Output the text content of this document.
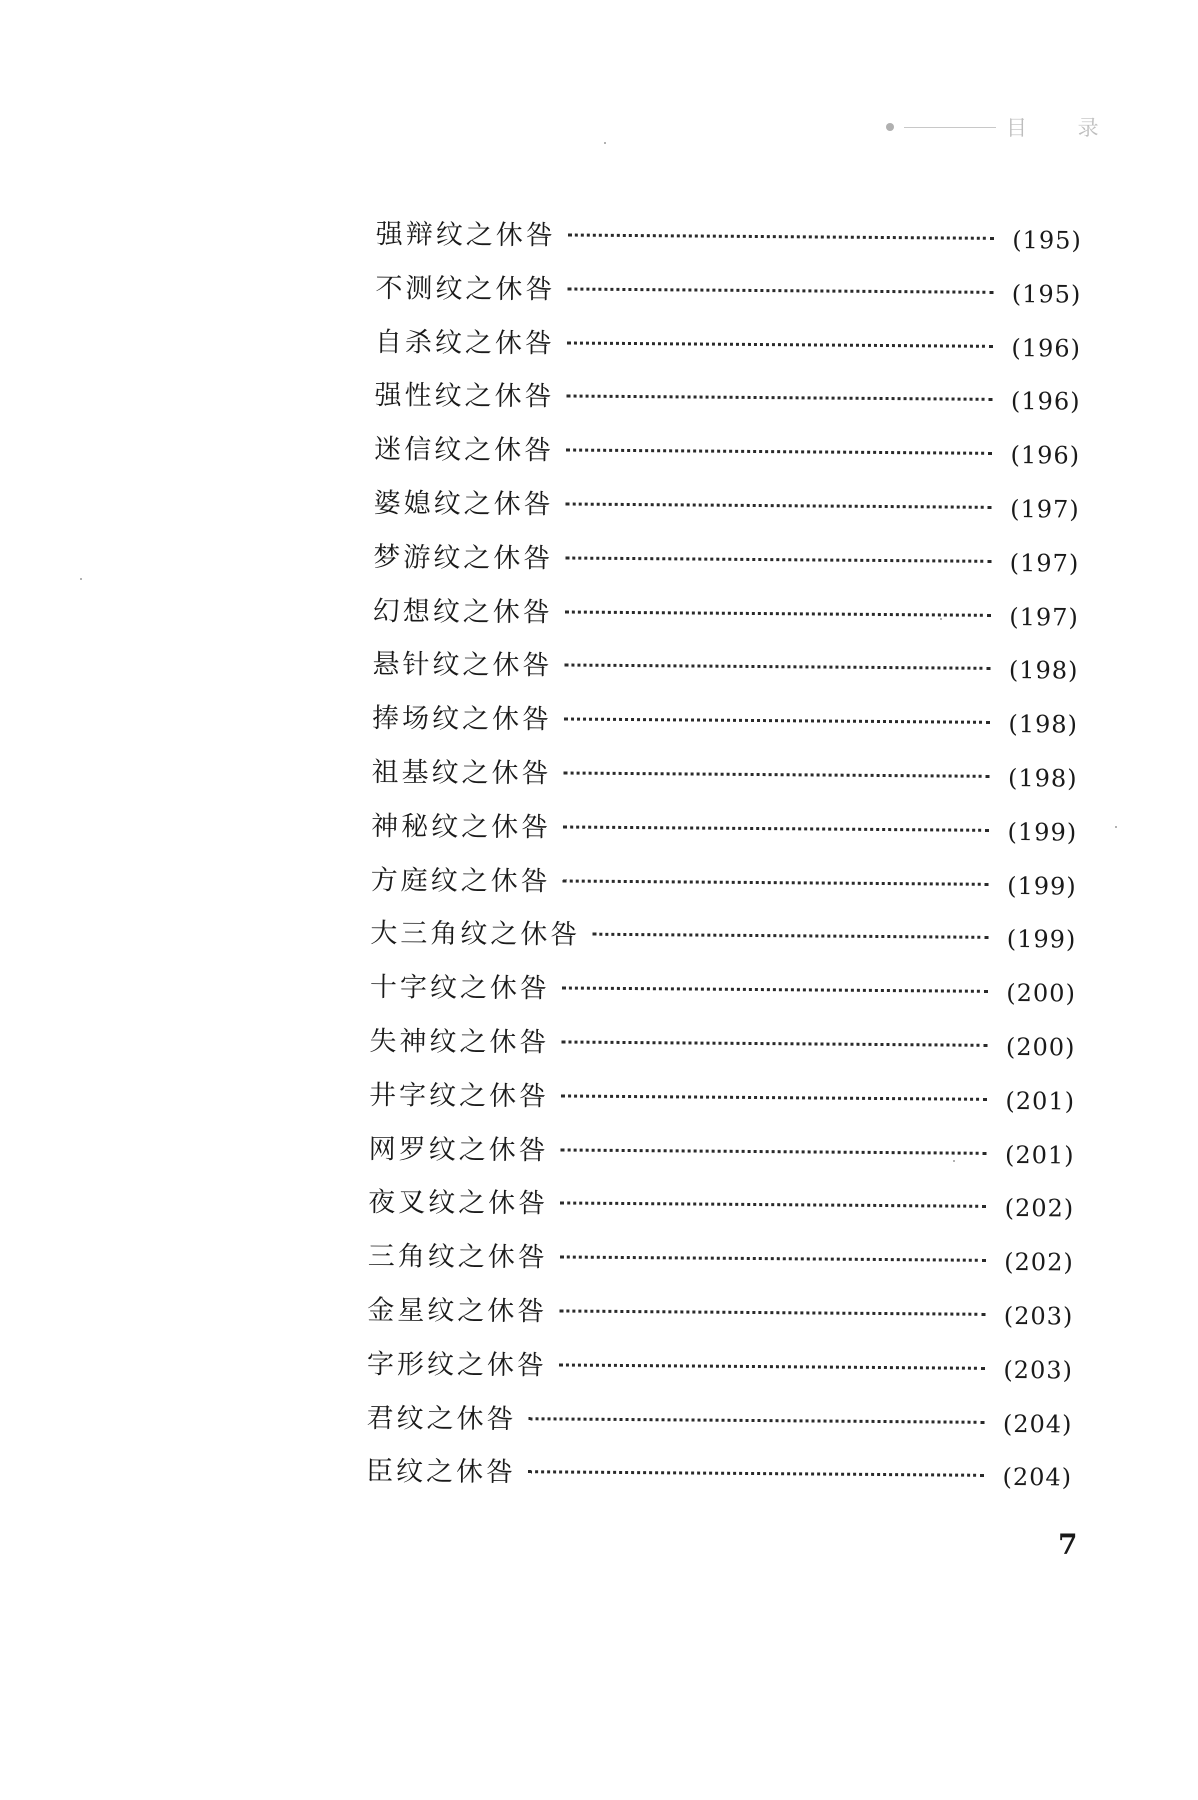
目 录
强辩纹之休咎	(195)
不测纹之休咎	(195)
自杀纹之休咎	(196)
强性纹之休咎	(196)
迷信纹之休咎	(196)
婆媳纹之休咎	(197)
梦游纹之休咎	(197)
幻想纹之休咎	(197)
悬针纹之休咎	(198)
捧场纹之休咎	(198)
祖基纹之休咎	(198)
神秘纹之休咎	(199)
方庭纹之休咎	(199)
大三角纹之休咎	(199)
十字纹之休咎	(200)
失神纹之休咎	(200)
井字纹之休咎	(201)
网罗纹之休咎	(201)
夜叉纹之休咎	(202)
三角纹之休咎	(202)
金星纹之休咎	(203)
字形纹之休咎	(203)
君纹之休咎	(204)
臣纹之休咎	(204)
7
